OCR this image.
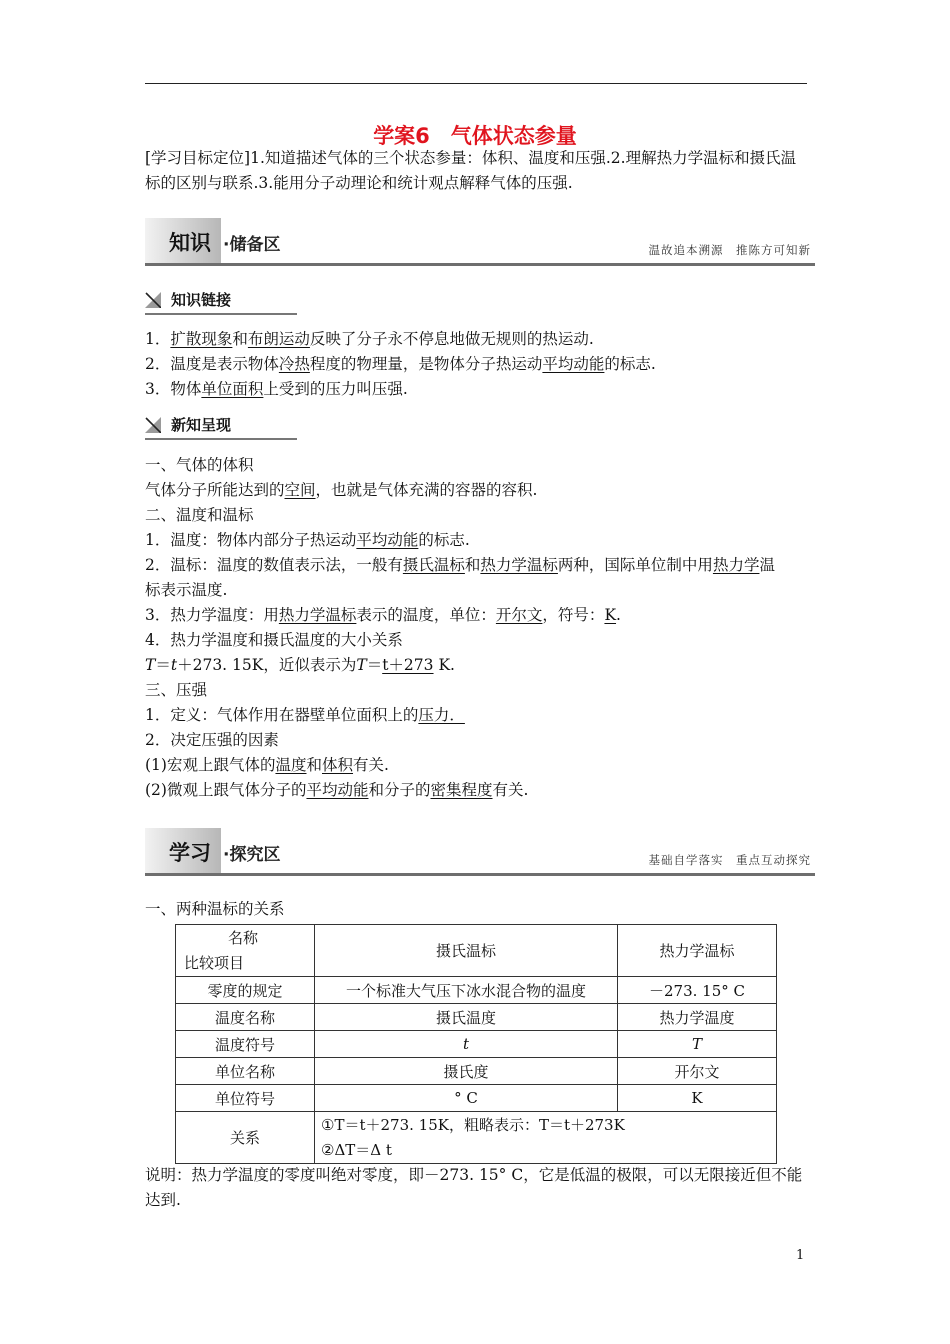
学案6　气体状态参量
[学习目标定位]1.知道描述气体的三个状态参量：体积、温度和压强.2.理解热力学温标和摄氏温标的区别与联系.3.能用分子动理论和统计观点解释气体的压强.
知识 ·储备区	温故追本溯源　推陈方可知新
知识链接
1．扩散现象和布朗运动反映了分子永不停息地做无规则的热运动.
2．温度是表示物体冷热程度的物理量，是物体分子热运动平均动能的标志.
3．物体单位面积上受到的压力叫压强.
新知呈现
一、气体的体积
气体分子所能达到的空间，也就是气体充满的容器的容积.
二、温度和温标
1．温度：物体内部分子热运动平均动能的标志.
2．温标：温度的数值表示法，一般有摄氏温标和热力学温标两种，国际单位制中用热力学温
标表示温度.
3．热力学温度：用热力学温标表示的温度，单位：开尔文，符号：K.
4．热力学温度和摄氏温度的大小关系
T＝t＋273. 15K，近似表示为T＝t＋273 K.
三、压强
1．定义：气体作用在器壁单位面积上的压力．
2．决定压强的因素
(1)宏观上跟气体的温度和体积有关.
(2)微观上跟气体分子的平均动能和分子的密集程度有关.
学习 ·探究区	基础自学落实　重点互动探究
一、两种温标的关系
名称
比较项目	摄氏温标	热力学温标
零度的规定	一个标准大气压下冰水混合物的温度	－273. 15° C
温度名称	摄氏温度	热力学温度
温度符号	t	T
单位名称	摄氏度	开尔文
单位符号	° C	K
关系	①T＝t＋273. 15K，粗略表示：T＝t＋273K
②ΔT＝Δ t	
说明：热力学温度的零度叫绝对零度，即－273. 15° C，它是低温的极限，可以无限接近但不能达到.
1
